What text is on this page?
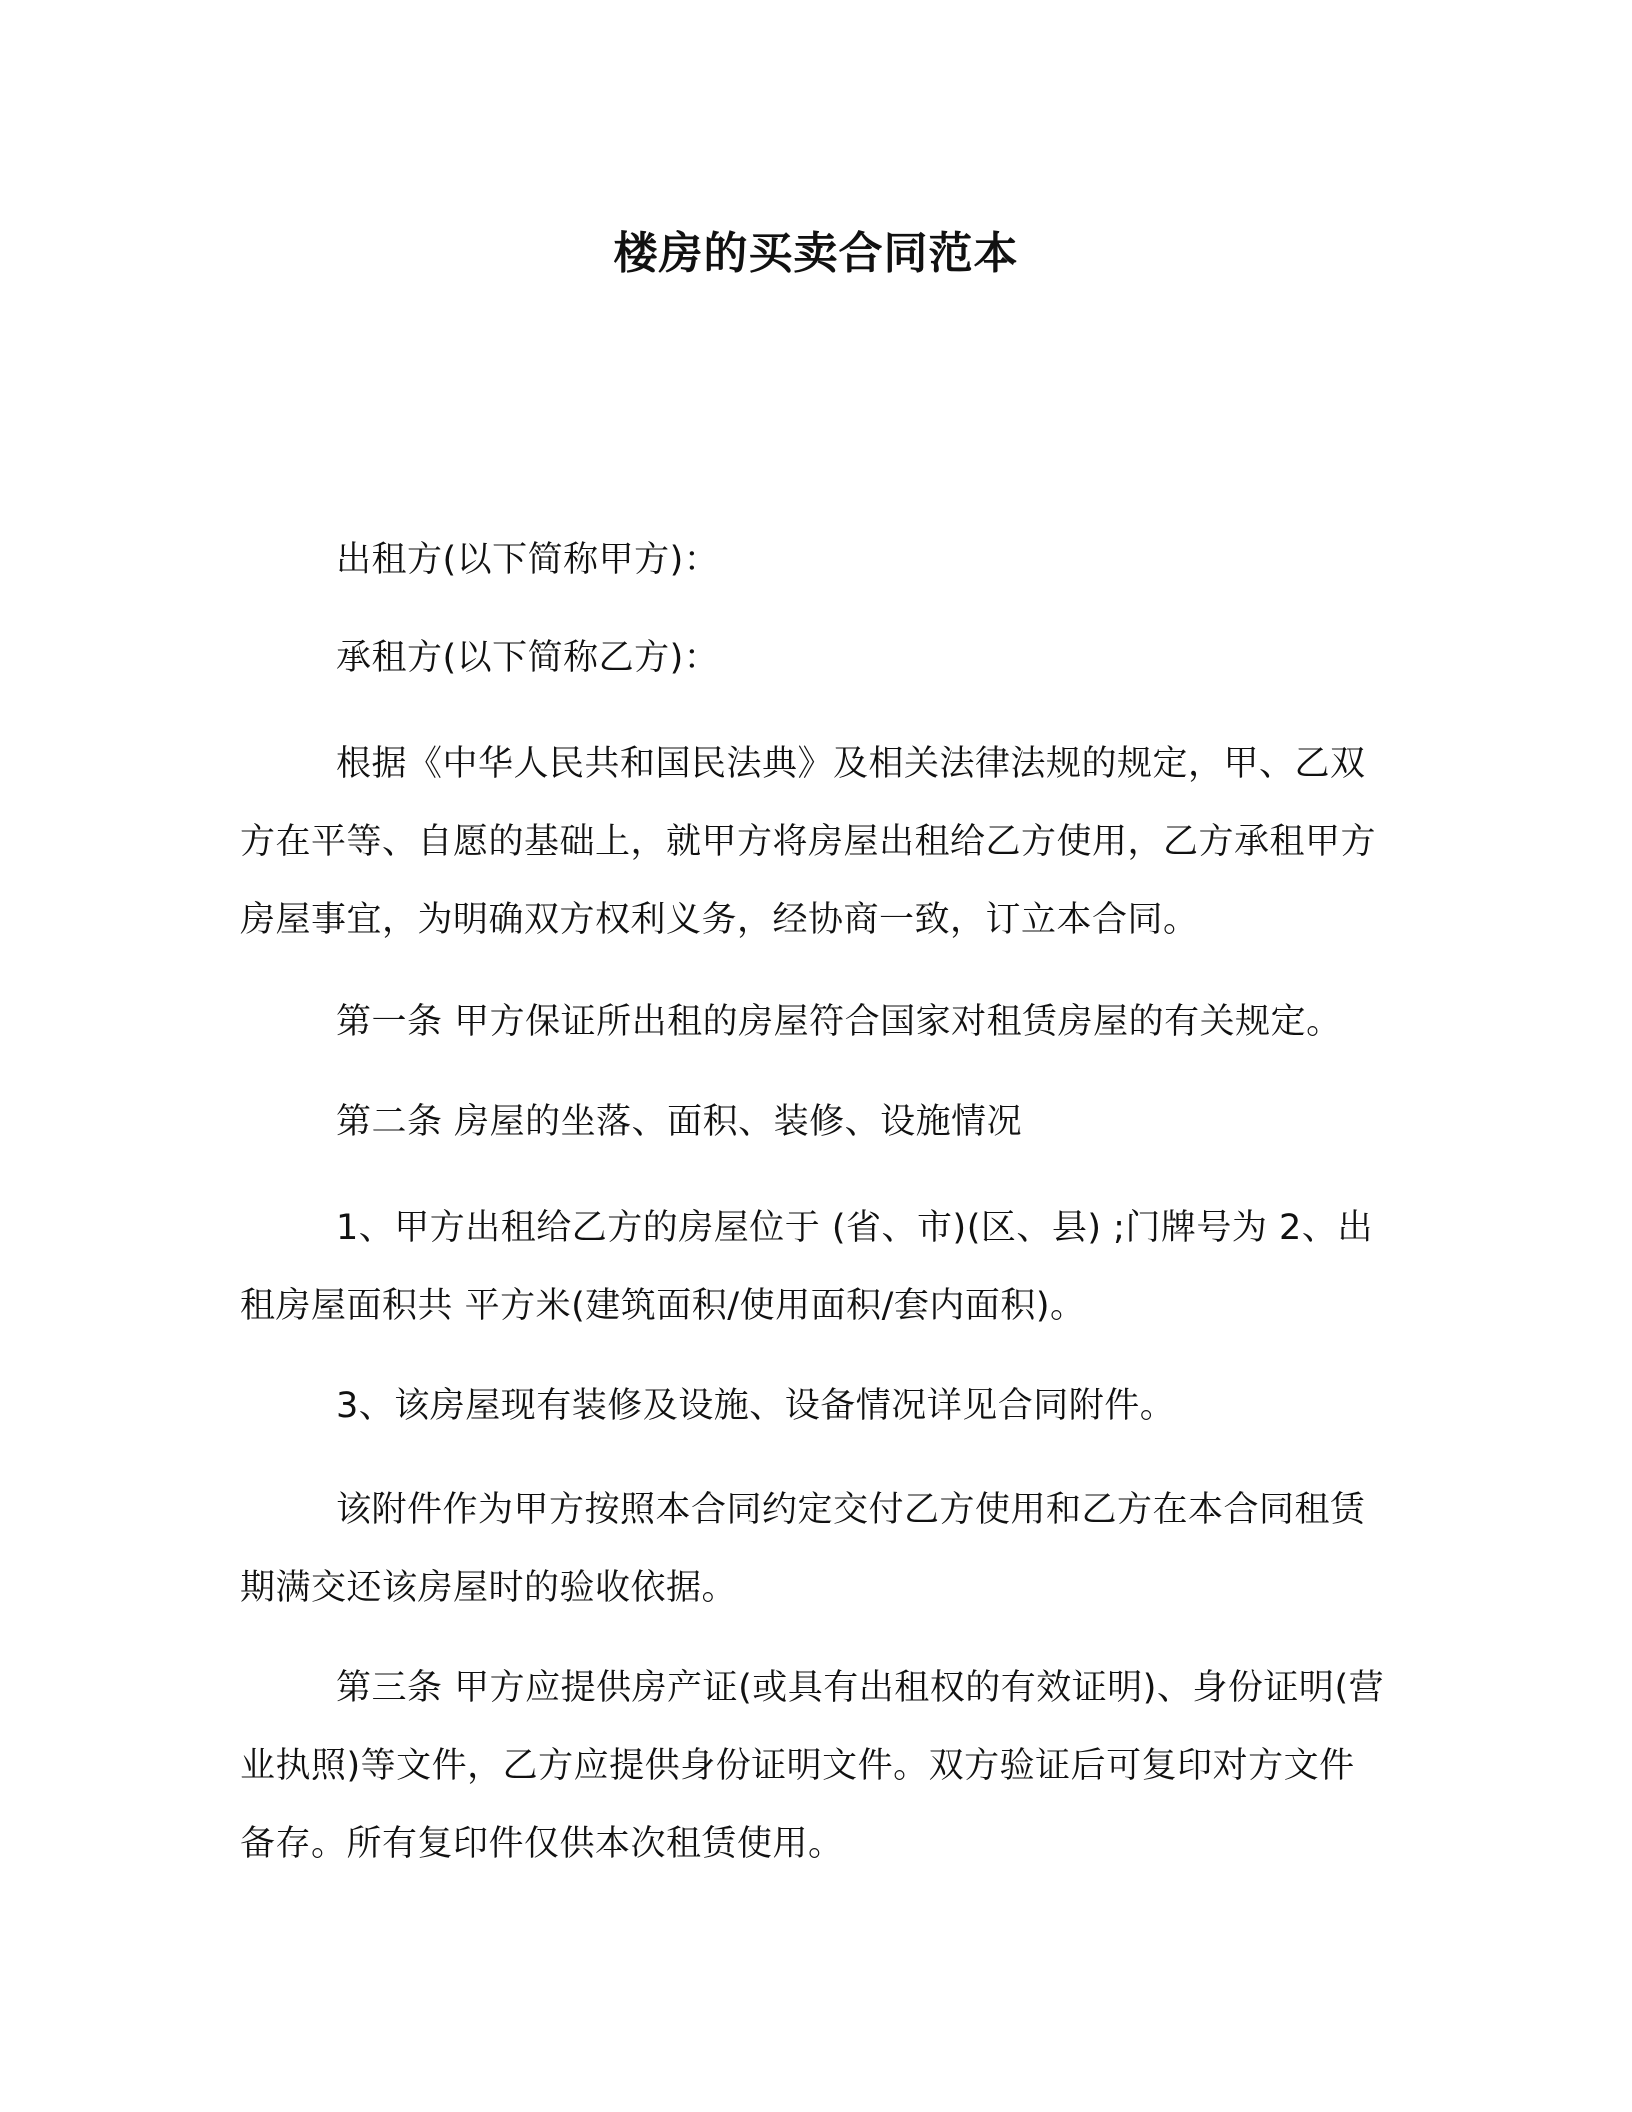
楼房的买卖合同范本

出租方(以下简称甲方)：

承租方(以下简称乙方)：

根据《中华人民共和国民法典》及相关法律法规的规定，甲、乙双方在平等、自愿的基础上，就甲方将房屋出租给乙方使用，乙方承租甲方房屋事宜，为明确双方权利义务，经协商一致，订立本合同。

第一条 甲方保证所出租的房屋符合国家对租赁房屋的有关规定。

第二条 房屋的坐落、面积、装修、设施情况

1、甲方出租给乙方的房屋位于 (省、市)(区、县) ;门牌号为 2、出租房屋面积共 平方米(建筑面积/使用面积/套内面积)。

3、该房屋现有装修及设施、设备情况详见合同附件。

该附件作为甲方按照本合同约定交付乙方使用和乙方在本合同租赁期满交还该房屋时的验收依据。

第三条 甲方应提供房产证(或具有出租权的有效证明)、身份证明(营业执照)等文件，乙方应提供身份证明文件。双方验证后可复印对方文件备存。所有复印件仅供本次租赁使用。
